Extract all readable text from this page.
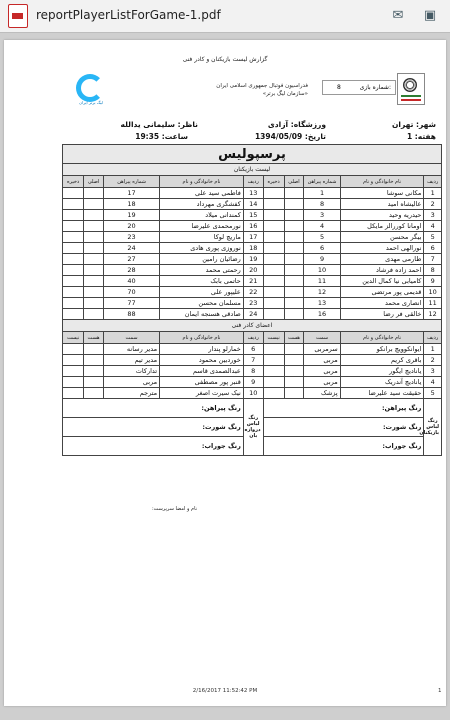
reportPlayerListForGame-1.pdf	✉	▣
گزارش لیست بازیکنان و کادر فنی
شماره بازی:
8
فدراسیون فوتبال جمهوری اسلامی ایران
«سازمان لیگ برتر»
لیگ برتر ایران
شهر: تهران
هفته: 1
ورزشگاه: آزادی
تاریخ: 1394/05/09
ناظر: سلیمانی یدالله
ساعت: 19:35
پرسپولیس									
لیست بازیکنان									
ردیف	نام خانوادگی و نام	شماره پیراهن	اصلی	ذخیره	ردیف	نام خانوادگی و نام	شماره پیراهن	اصلی	ذخیره
1	مکانی سوشا	1			13	فاطمی سید علی	17		
2	عالیشاه امید	8			14	کفشگری مهرداد	18		
3	حیدریه وحید	3			15	کمندانی میلاد	19		
4	اومانا کوررالز مایکل	4			16	نورمحمدی علیرضا	20		
5	بیگر محسن	5			17	ماریچ لوکا	23		
6	نورالهی احمد	6			18	نوروزی پوری هادی	24		
7	طارمی مهدی	9			19	رضائیان رامین	27		
8	احمد زاده فرشاد	10			20	رحمتی محمد	28		
9	کامیابی نیا کمال الدین	11			21	حاتمی بابک	40		
10	قدیمی پور مرتضی	12			22	علیپور علی	70		
11	انصاری محمد	13			23	مسلمان محسن	77		
12	خالقی فر رضا	16			24	صادقی هسنجه ایمان	88		
اعضای کادر فنی									
ردیف	نام خانوادگی و نام	سمت	هست	نیست	ردیف	نام خانوادگی و نام	سمت	هست	نیست
1	ایوانکوویچ برانکو	سرمربی			6	خمارلو پندار	مدیر رسانه		
2	باقری کریم	مربی			7	خوردبین محمود	مدیر تیم		
3	یانادیچ ایگور	مربی			8	عبدالصمدی قاسم	تدارکات		
4	یانادیچ آندریک	مربی			9	قنبر پور مصطفی	مربی		
5	حقیقت سید علیرضا	پزشک			10	نیک سیرت اصغر	مترجم		
رنگ لباس بازیکنان	رنگ پیراهن:				رنگ لباس دروازه بان	رنگ پیراهن:			
	رنگ شورت:					رنگ شورت:			
	رنگ جوراب:					رنگ جوراب:			

نام و امضا سرپرست:
2/16/2017 11:52:42 PM	1
